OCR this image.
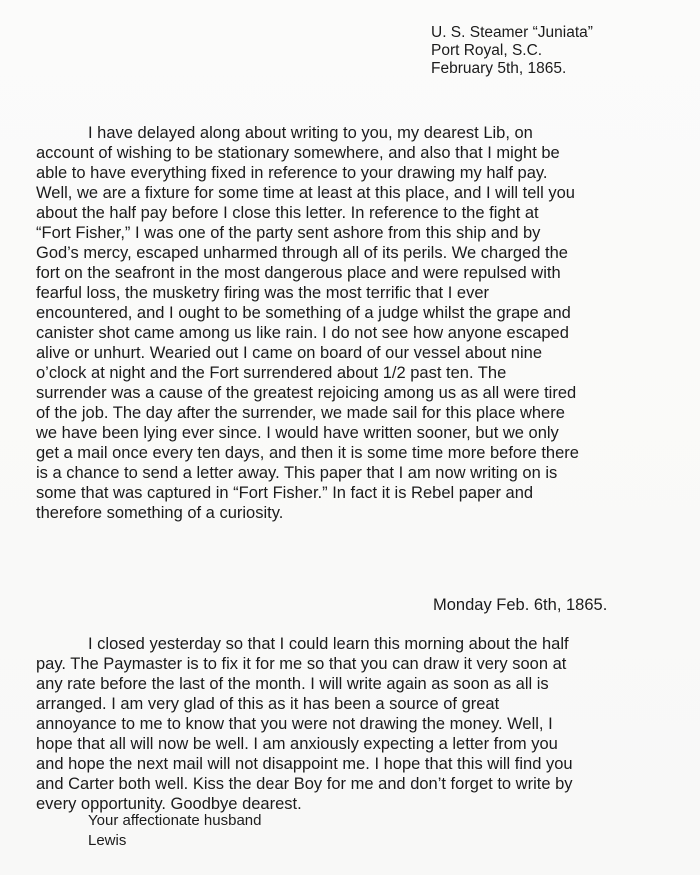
U. S. Steamer “Juniata”
Port Royal, S.C.
February 5th, 1865.
I have delayed along about writing to you, my dearest Lib, on
account of wishing to be stationary somewhere, and also that I might be
able to have everything fixed in reference to your drawing my half pay.
Well, we are a fixture for some time at least at this place, and I will tell you
about the half pay before I close this letter. In reference to the fight at
“Fort Fisher,” I was one of the party sent ashore from this ship and by
God’s mercy, escaped unharmed through all of its perils. We charged the
fort on the seafront in the most dangerous place and were repulsed with
fearful loss, the musketry firing was the most terrific that I ever
encountered, and I ought to be something of a judge whilst the grape and
canister shot came among us like rain. I do not see how anyone escaped
alive or unhurt. Wearied out I came on board of our vessel about nine
o’clock at night and the Fort surrendered about 1/2 past ten. The
surrender was a cause of the greatest rejoicing among us as all were tired
of the job. The day after the surrender, we made sail for this place where
we have been lying ever since. I would have written sooner, but we only
get a mail once every ten days, and then it is some time more before there
is a chance to send a letter away. This paper that I am now writing on is
some that was captured in “Fort Fisher.” In fact it is Rebel paper and
therefore something of a curiosity.
Monday Feb. 6th, 1865.
I closed yesterday so that I could learn this morning about the half
pay. The Paymaster is to fix it for me so that you can draw it very soon at
any rate before the last of the month. I will write again as soon as all is
arranged. I am very glad of this as it has been a source of great
annoyance to me to know that you were not drawing the money. Well, I
hope that all will now be well. I am anxiously expecting a letter from you
and hope the next mail will not disappoint me. I hope that this will find you
and Carter both well. Kiss the dear Boy for me and don’t forget to write by
every opportunity. Goodbye dearest.
Your affectionate husband
Lewis
